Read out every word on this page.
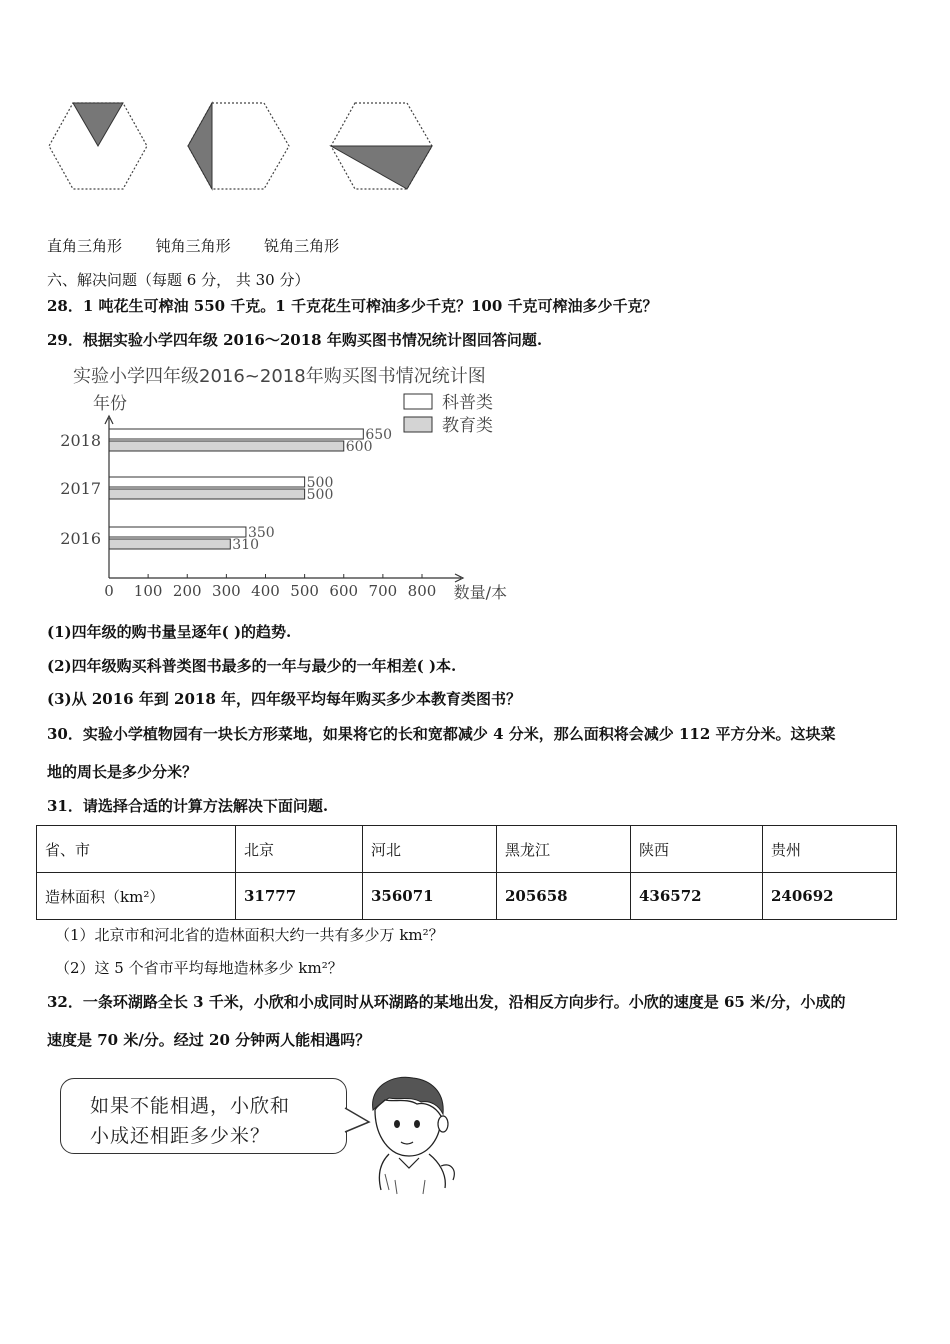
直角三角形 钝角三角形 锐角三角形
六、解决问题（每题 6 分， 共 30 分）
28．1 吨花生可榨油 550 千克。1 千克花生可榨油多少千克？100 千克可榨油多少千克？
29．根据实验小学四年级 2016～2018 年购买图书情况统计图回答问题.
实验小学四年级2016~2018年购买图书情况统计图
年份	科普类
教育类
650
600
500
500
350
310
0 100 200 300 400 500 600 700 800 数量/本
2018
2017
2016
(1)四年级的购书量呈逐年( )的趋势.
(2)四年级购买科普类图书最多的一年与最少的一年相差( )本.
(3)从 2016 年到 2018 年，四年级平均每年购买多少本教育类图书？
30．实验小学植物园有一块长方形菜地，如果将它的长和宽都减少 4 分米，那么面积将会减少 112 平方分米。这块菜
地的周长是多少分米？
31．请选择合适的计算方法解决下面问题.
省、市	北京	河北	黑龙江	陕西	贵州
造林面积（km²）	31777	356071	205658	436572	240692
（1）北京市和河北省的造林面积大约一共有多少万 km²？
（2）这 5 个省市平均每地造林多少 km²？
32．一条环湖路全长 3 千米，小欣和小成同时从环湖路的某地出发，沿相反方向步行。小欣的速度是 65 米/分，小成的
速度是 70 米/分。经过 20 分钟两人能相遇吗？
如果不能相遇，小欣和
小成还相距多少米？
